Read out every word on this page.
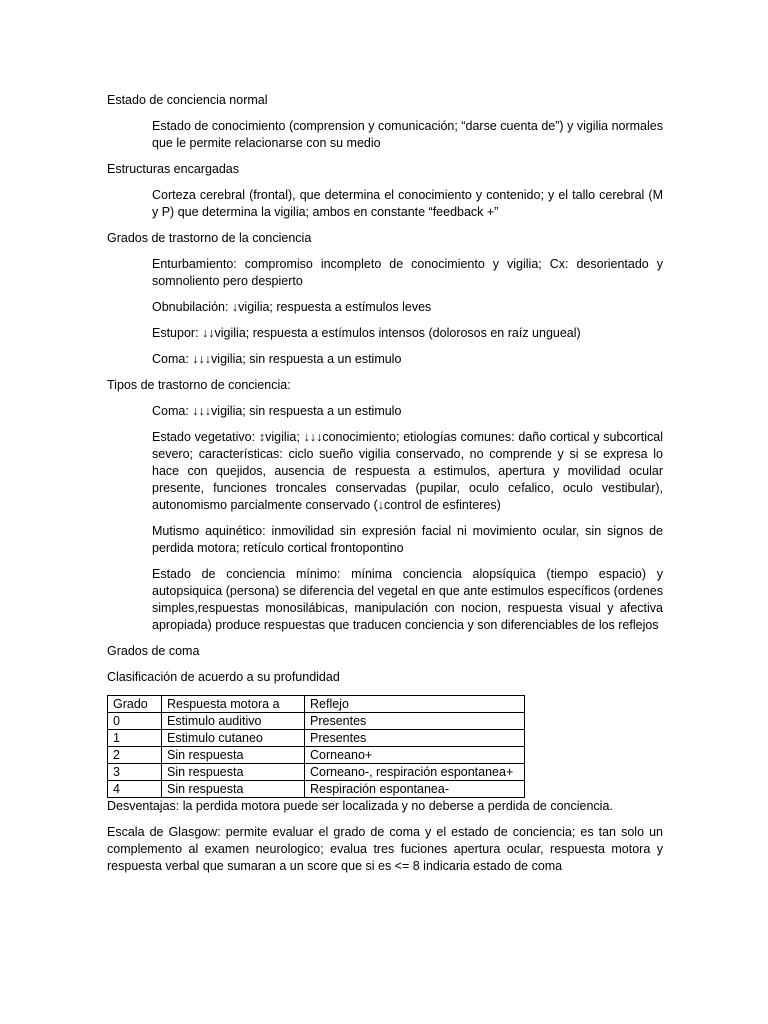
Estado de conciencia normal
Estado de conocimiento (comprension y comunicación; “darse cuenta de”) y vigilia normales que le permite relacionarse con su medio
Estructuras encargadas
Corteza cerebral (frontal), que determina el conocimiento y contenido; y el tallo cerebral (M y P) que determina la vigilia; ambos en constante “feedback +”
Grados de trastorno de la conciencia
Enturbamiento: compromiso incompleto de conocimiento y vigilia; Cx: desorientado y somnoliento pero despierto
Obnubilación: ↓vigilia; respuesta a estímulos leves
Estupor: ↓↓vigilia; respuesta a estímulos intensos (dolorosos en raíz ungueal)
Coma: ↓↓↓vigilia; sin respuesta a un estimulo
Tipos de trastorno de conciencia:
Coma: ↓↓↓vigilia; sin respuesta a un estimulo
Estado vegetativo: ↕vigilia; ↓↓↓conocimiento; etiologías comunes: daño cortical y subcortical severo; características: ciclo sueño vigilia conservado, no comprende y si se expresa lo hace con quejidos, ausencia de respuesta a estimulos, apertura y movilidad ocular presente, funciones troncales conservadas (pupilar, oculo cefalico, oculo vestibular), autonomismo parcialmente conservado (↓control de esfinteres)
Mutismo aquinético: inmovilidad sin expresión facial ni movimiento ocular, sin signos de perdida motora; retículo cortical frontopontino
Estado de conciencia mínimo: mínima conciencia alopsíquica (tiempo espacio) y autopsiquica (persona) se diferencia del vegetal en que ante estimulos específicos (ordenes simples,respuestas monosilábicas, manipulación con nocion, respuesta visual y afectiva apropiada) produce respuestas que traducen conciencia y son diferenciables de los reflejos
Grados de coma
Clasificación de acuerdo a su profundidad
Grado	Respuesta motora a	Reflejo
0	Estimulo auditivo	Presentes
1	Estimulo cutaneo	Presentes
2	Sin respuesta	Corneano+
3	Sin respuesta	Corneano-, respiración espontanea+
4	Sin respuesta	Respiración espontanea-
Desventajas: la perdida motora puede ser localizada y no deberse a perdida de conciencia.
Escala de Glasgow: permite evaluar el grado de coma y el estado de conciencia; es tan solo un complemento al examen neurologico; evalua tres fuciones apertura ocular, respuesta motora y respuesta verbal que sumaran a un score que si es <= 8 indicaria estado de coma
